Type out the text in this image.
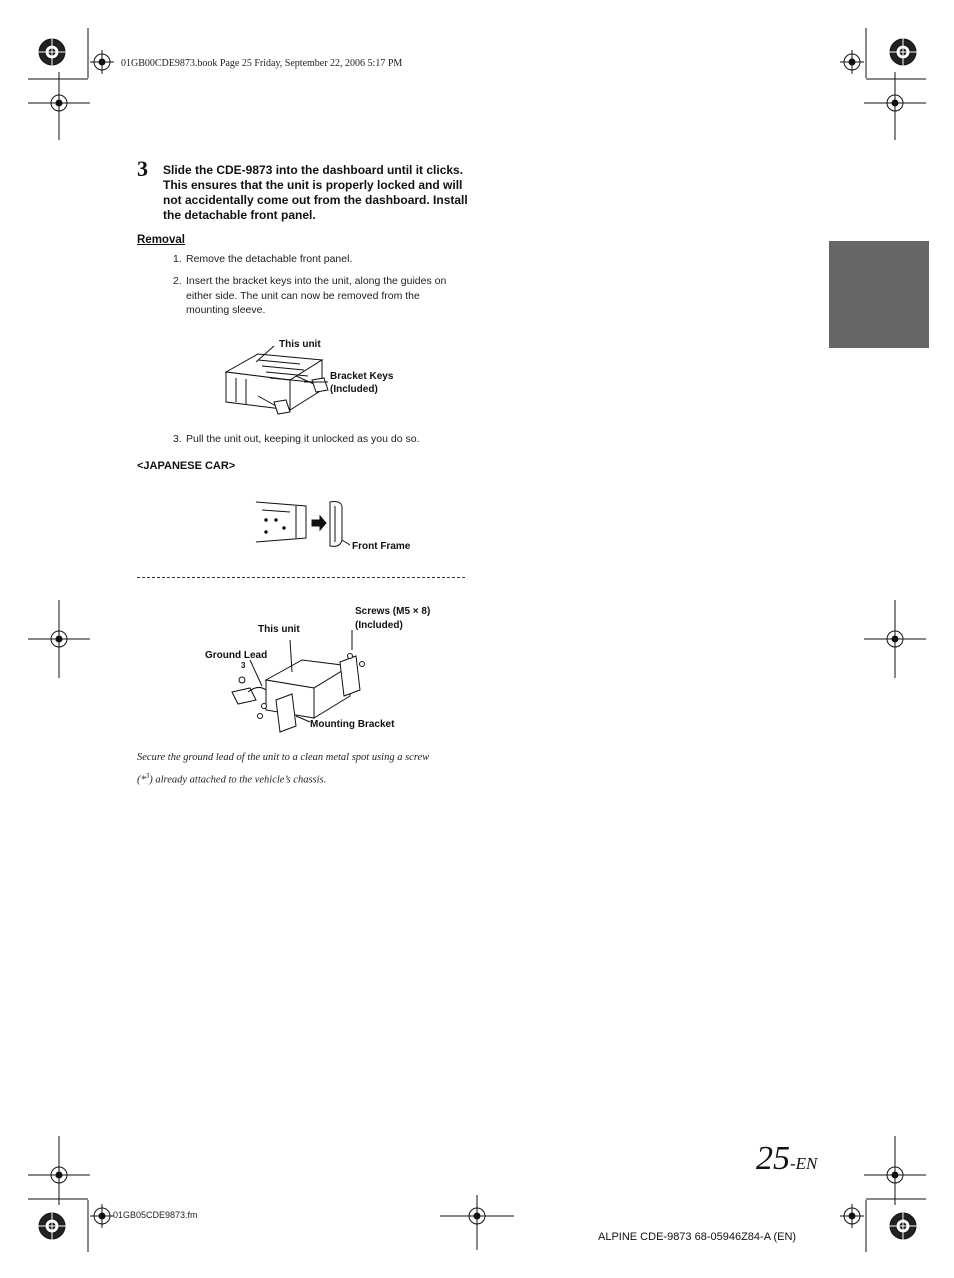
01GB00CDE9873.book Page 25 Friday, September 22, 2006 5:17 PM
3 Slide the CDE-9873 into the dashboard until it clicks. This ensures that the unit is properly locked and will not accidentally come out from the dashboard. Install the detachable front panel.
Removal
1. Remove the detachable front panel.
2. Insert the bracket keys into the unit, along the guides on either side. The unit can now be removed from the mounting sleeve.
This unit
Bracket Keys
(Included)
3. Pull the unit out, keeping it unlocked as you do so.
<JAPANESE CAR>
Front Frame
Screws (M5 × 8)
(Included)
This unit
Ground Lead
3
Mounting Bracket
Secure the ground lead of the unit to a clean metal spot using a screw
(*$^3$) already attached to the vehicle’s chassis.
25-EN
01GB05CDE9873.fm
ALPINE CDE-9873 68-05946Z84-A (EN)
